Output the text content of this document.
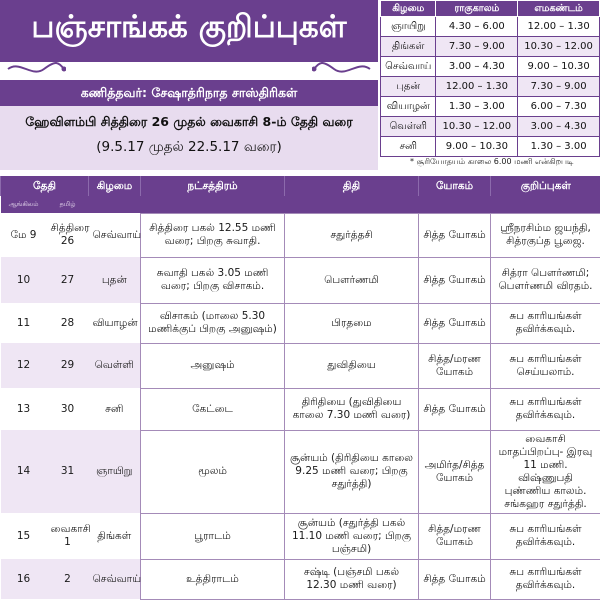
பஞ்சாங்கக் குறிப்புகள்
கணித்தவர்: சேஷாத்ரிநாத சாஸ்திரிகள்
ஹேவிளம்பி சித்திரை 26 முதல் வைகாசி 8-ம் தேதி வரை
(9.5.17 முதல் 22.5.17 வரை)
கிழமை	ராகுகாலம்	எமகண்டம்
ஞாயிறு	4.30 – 6.00	12.00 – 1.30
திங்கள்	7.30 – 9.00	10.30 – 12.00
செவ்வாய்	3.00 – 4.30	9.00 – 10.30
புதன்	12.00 – 1.30	7.30 – 9.00
வியாழன்	1.30 – 3.00	6.00 – 7.30
வெள்ளி	10.30 – 12.00	3.00 – 4.30
சனி	9.00 – 10.30	1.30 – 3.00
* சூரியோதயம் காலை 6.00 மணி என்கிறபடி
தேதி		கிழமை	நட்சத்திரம்	திதி	யோகம்	குறிப்புகள்
ஆங்கிலம்	தமிழ்					
மே 9	சித்திரை 26	செவ்வாய்	சித்திரை பகல் 12.55 மணி வரை; பிறகு சுவாதி.	சதுர்த்தசி	சித்த யோகம்	ஸ்ரீநரசிம்ம ஜயந்தி, சித்ரகுப்த பூஜை.
10	27	புதன்	சுவாதி பகல் 3.05 மணி வரை; பிறகு விசாகம்.	பௌர்ணமி	சித்த யோகம்	சித்ரா பௌர்ணமி; பௌர்ணமி விரதம்.
11	28	வியாழன்	விசாகம் (மாலை 5.30 மணிக்குப் பிறகு அனுஷம்)	பிரதமை	சித்த யோகம்	சுப காரியங்கள் தவிர்க்கவும்.
12	29	வெள்ளி	அனுஷம்	துவிதியை	சித்த/மரண யோகம்	சுப காரியங்கள் செய்யலாம்.
13	30	சனி	கேட்டை	திரிதியை (துவிதியை காலை 7.30 மணி வரை)	சித்த யோகம்	சுப காரியங்கள் தவிர்க்கவும்.
14	31	ஞாயிறு	மூலம்	சூன்யம் (திரிதியை காலை 9.25 மணி வரை; பிறகு சதுர்த்தி)	அமிர்த/சித்த யோகம்	வைகாசி மாதப்பிறப்பு- இரவு 11 மணி. விஷ்ணுபதி புண்ணிய காலம். சங்கஹர சதுர்த்தி.
15	வைகாசி 1	திங்கள்	பூராடம்	சூன்யம் (சதுர்த்தி பகல் 11.10 மணி வரை; பிறகு பஞ்சமி)	சித்த/மரண யோகம்	சுப காரியங்கள் தவிர்க்கவும்.
16	2	செவ்வாய்	உத்திராடம்	சஷ்டி (பஞ்சமி பகல் 12.30 மணி வரை)	சித்த யோகம்	சுப காரியங்கள் தவிர்க்கவும்.
